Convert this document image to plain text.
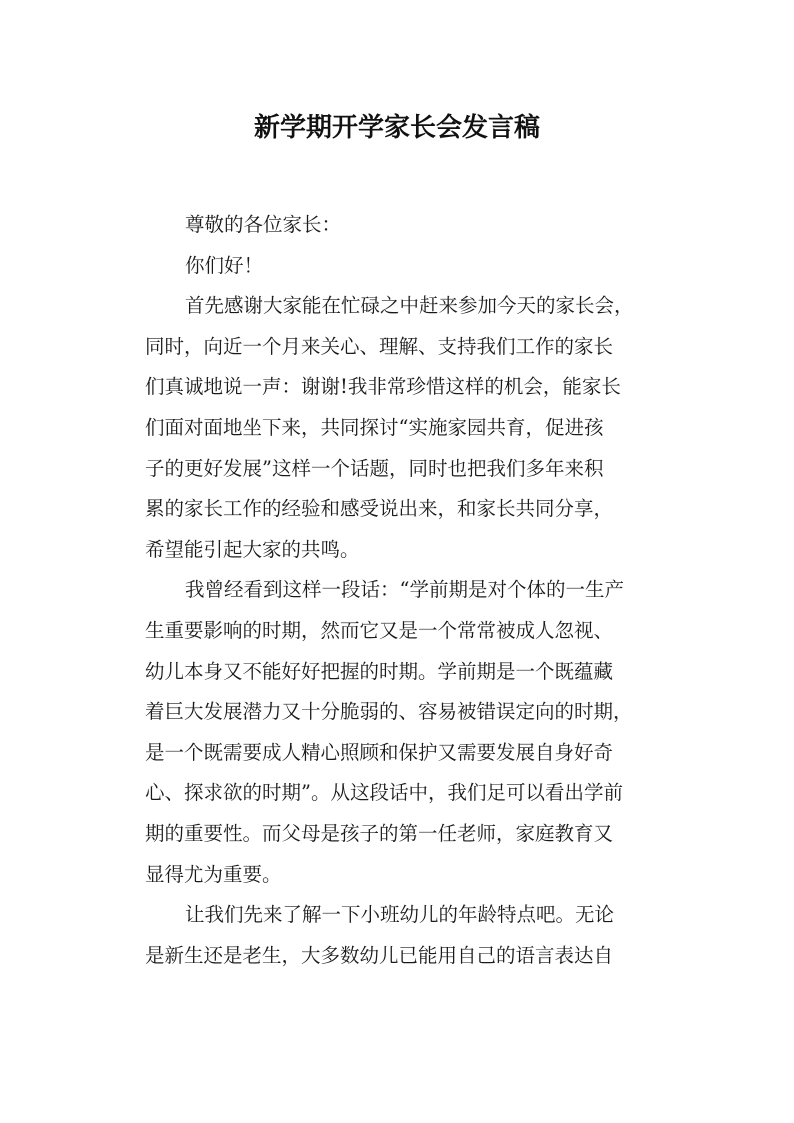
新学期开学家长会发言稿
尊敬的各位家长：
你们好！
首先感谢大家能在忙碌之中赶来参加今天的家长会，
同时，向近一个月来关心、理解、支持我们工作的家长
们真诚地说一声：谢谢!我非常珍惜这样的机会，能家长
们面对面地坐下来，共同探讨“实施家园共育，促进孩
子的更好发展”这样一个话题，同时也把我们多年来积
累的家长工作的经验和感受说出来，和家长共同分享，
希望能引起大家的共鸣。
我曾经看到这样一段话：“学前期是对个体的一生产
生重要影响的时期，然而它又是一个常常被成人忽视、
幼儿本身又不能好好把握的时期。学前期是一个既蕴藏
着巨大发展潜力又十分脆弱的、容易被错误定向的时期，
是一个既需要成人精心照顾和保护又需要发展自身好奇
心、探求欲的时期”。从这段话中，我们足可以看出学前
期的重要性。而父母是孩子的第一任老师，家庭教育又
显得尤为重要。
让我们先来了解一下小班幼儿的年龄特点吧。无论
是新生还是老生，大多数幼儿已能用自己的语言表达自
